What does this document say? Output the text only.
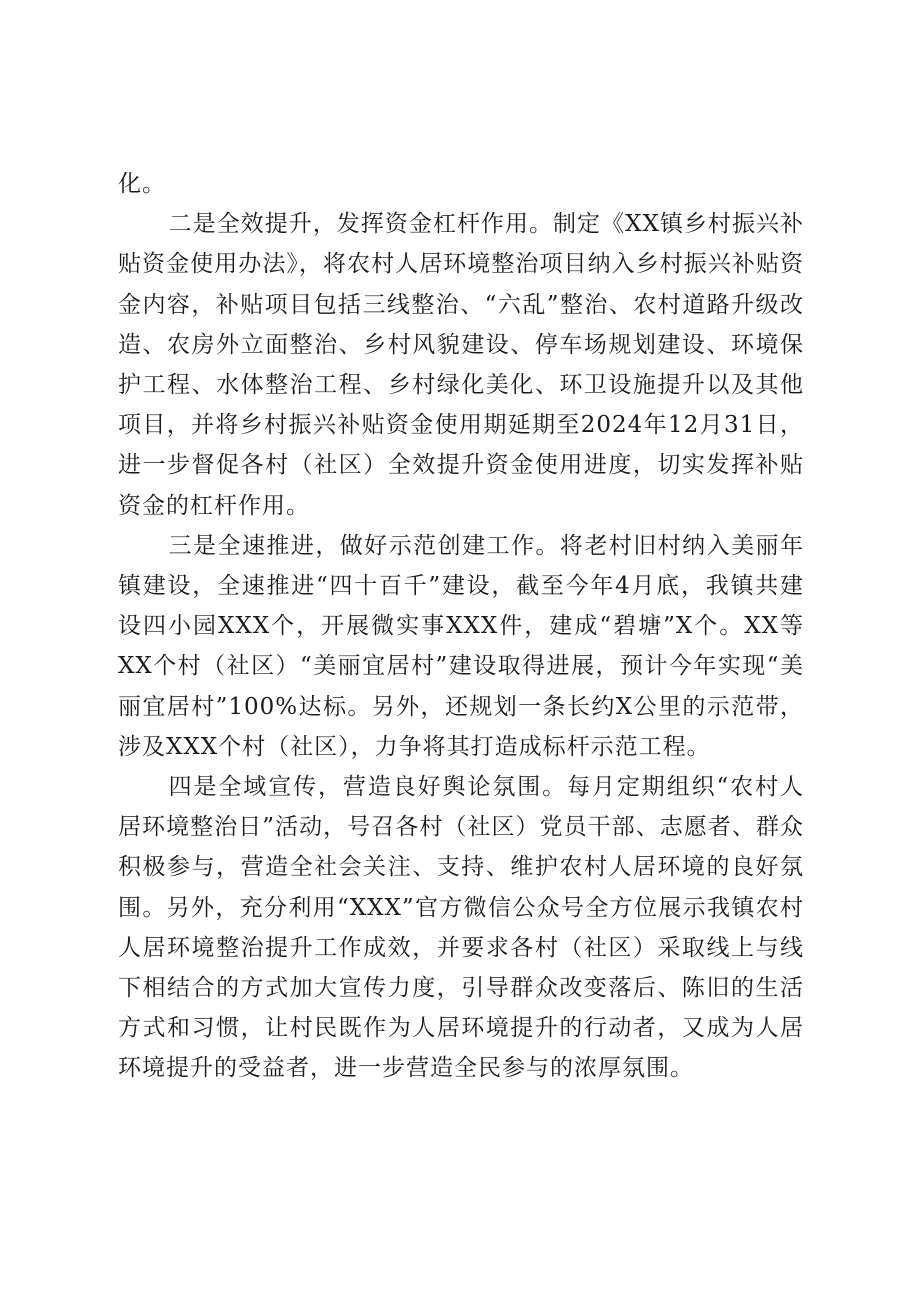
化。

二是全效提升，发挥资金杠杆作用。制定《XX镇乡村振兴补贴资金使用办法》，将农村人居环境整治项目纳入乡村振兴补贴资金内容，补贴项目包括三线整治、“六乱”整治、农村道路升级改造、农房外立面整治、乡村风貌建设、停车场规划建设、环境保护工程、水体整治工程、乡村绿化美化、环卫设施提升以及其他项目，并将乡村振兴补贴资金使用期延期至2024年12月31日，进一步督促各村（社区）全效提升资金使用进度，切实发挥补贴资金的杠杆作用。

三是全速推进，做好示范创建工作。将老村旧村纳入美丽年镇建设，全速推进“四十百千”建设，截至今年4月底，我镇共建设四小园XXX个，开展微实事XXX件，建成“碧塘”X个。XX等XX个村（社区）“美丽宜居村”建设取得进展，预计今年实现“美丽宜居村”100%达标。另外，还规划一条长约X公里的示范带，涉及XXX个村（社区），力争将其打造成标杆示范工程。

四是全域宣传，营造良好舆论氛围。每月定期组织“农村人居环境整治日”活动，号召各村（社区）党员干部、志愿者、群众积极参与，营造全社会关注、支持、维护农村人居环境的良好氛围。另外，充分利用“XXX”官方微信公众号全方位展示我镇农村人居环境整治提升工作成效，并要求各村（社区）采取线上与线下相结合的方式加大宣传力度，引导群众改变落后、陈旧的生活方式和习惯，让村民既作为人居环境提升的行动者，又成为人居环境提升的受益者，进一步营造全民参与的浓厚氛围。
